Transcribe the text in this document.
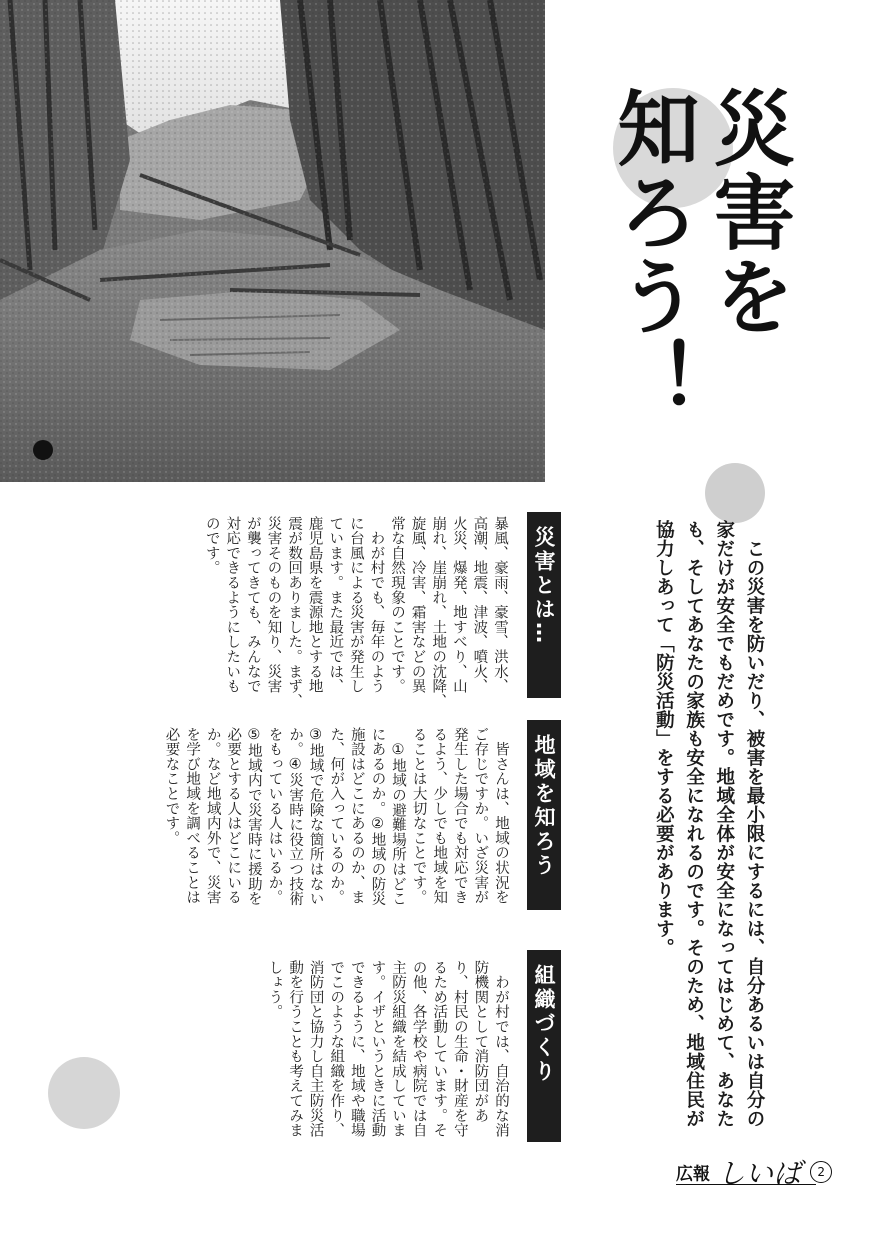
災害を
知ろう！
　この災害を防いだり、被害を最小限にするには、自分あるいは自分の
家だけが安全でもだめです。地域全体が安全になってはじめて、あなた
も、そしてあなたの家族も安全になれるのです。そのため、地域住民が
協力しあって「防災活動」をする必要があります。
災害とは…
暴風、豪雨、豪雪、洪水、
高潮、地震、津波、噴火、
火災、爆発、地すべり、山
崩れ、崖崩れ、土地の沈降、
旋風、冷害、霜害などの異
常な自然現象のことです。
　わが村でも、毎年のよう
に台風による災害が発生し
ています。また最近では、
鹿児島県を震源地とする地
震が数回ありました。まず、
災害そのものを知り、災害
が襲ってきても、みんなで
対応できるようにしたいも
のです。
地域を知ろう
　皆さんは、地域の状況を
ご存じですか。いざ災害が
発生した場合でも対応でき
るよう、少しでも地域を知
ることは大切なことです。
　①地域の避難場所はどこ
にあるのか。②地域の防災
施設はどこにあるのか、ま
た、何が入っているのか。
③地域で危険な箇所はない
か。④災害時に役立つ技術
をもっている人はいるか。
⑤地域内で災害時に援助を
必要とする人はどこにいる
か。など地域内外で、災害
を学び地域を調べることは
必要なことです。
組織づくり
　わが村では、自治的な消
防機関として消防団があ
り、村民の生命・財産を守
るため活動しています。そ
の他、各学校や病院では自
主防災組織を結成していま
す。イザというときに活動
できるように、地域や職場
でこのような組織を作り、
消防団と協力し自主防災活
動を行うことも考えてみま
しょう。
広報 しいば 2
